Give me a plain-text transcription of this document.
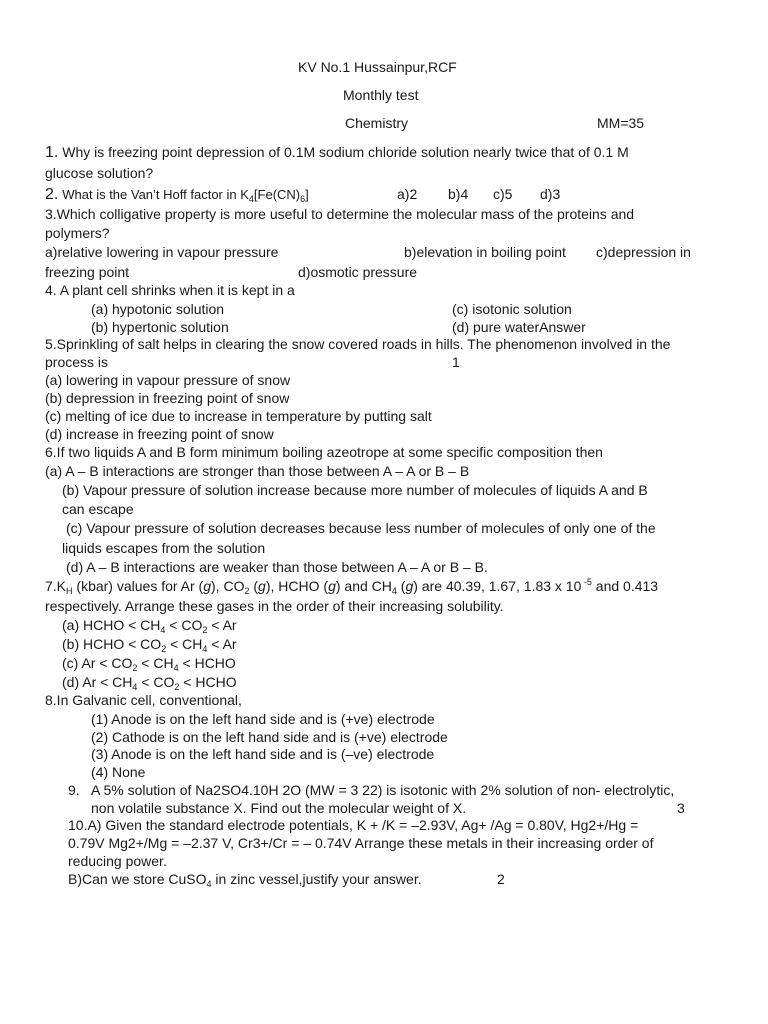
KV No.1 Hussainpur,RCF
Monthly test
Chemistry	MM=35
1. Why is freezing point depression of 0.1M sodium chloride solution nearly twice that of 0.1 M
glucose solution?
2. What is the Van’t Hoff factor in $K_4[Fe(CN)_6]$	a)2 b)4 c)5 d)3
3.Which colligative property is more useful to determine the molecular mass of the proteins and
polymers?
a)relative lowering in vapour pressure	b)elevation in boiling point c)depression in
freezing point	d)osmotic pressure
4. A plant cell shrinks when it is kept in a
(a) hypotonic solution	(c) isotonic solution
(b) hypertonic solution	(d) pure waterAnswer
5.Sprinkling of salt helps in clearing the snow covered roads in hills. The phenomenon involved in the
process is	1
(a) lowering in vapour pressure of snow
(b) depression in freezing point of snow
(c) melting of ice due to increase in temperature by putting salt
(d) increase in freezing point of snow
6.If two liquids A and B form minimum boiling azeotrope at some specific composition then
(a) A – B interactions are stronger than those between A – A or B – B
(b) Vapour pressure of solution increase because more number of molecules of liquids A and B
can escape
(c) Vapour pressure of solution decreases because less number of molecules of only one of the
liquids escapes from the solution
(d) A – B interactions are weaker than those between A – A or B – B.
$7.K_H$ (kbar) values for Ar (g), $CO_2$ (g), HCHO (g) and $CH_4$ (g) are 40.39, 1.67, 1.83 x 10 $^{-5}$ and 0.413
respectively. Arrange these gases in the order of their increasing solubility.
(a) HCHO < $CH_4 < CO_2 < Ar$
(b) HCHO < $CO_2 < CH_4 < Ar$
(c) $Ar < CO_2 < CH_4$ < HCHO
(d) $Ar < CH_4 < CO_2$ < HCHO
8.In Galvanic cell, conventional,
(1) Anode is on the left hand side and is (+ve) electrode
(2) Cathode is on the left hand side and is (+ve) electrode
(3) Anode is on the left hand side and is (–ve) electrode
(4) None
9. A 5% solution of Na2SO4.10H 2O (MW = 3 22) is isotonic with 2% solution of non- electrolytic,
non volatile substance X. Find out the molecular weight of X.	3
10.A) Given the standard electrode potentials, K + /K = –2.93V, Ag+ /Ag = 0.80V, Hg2+/Hg =
0.79V Mg2+/Mg = –2.37 V, Cr3+/Cr = – 0.74V Arrange these metals in their increasing order of
reducing power.
B)Can we store CuSO$_4$ in zinc vessel,justify your answer.	2
